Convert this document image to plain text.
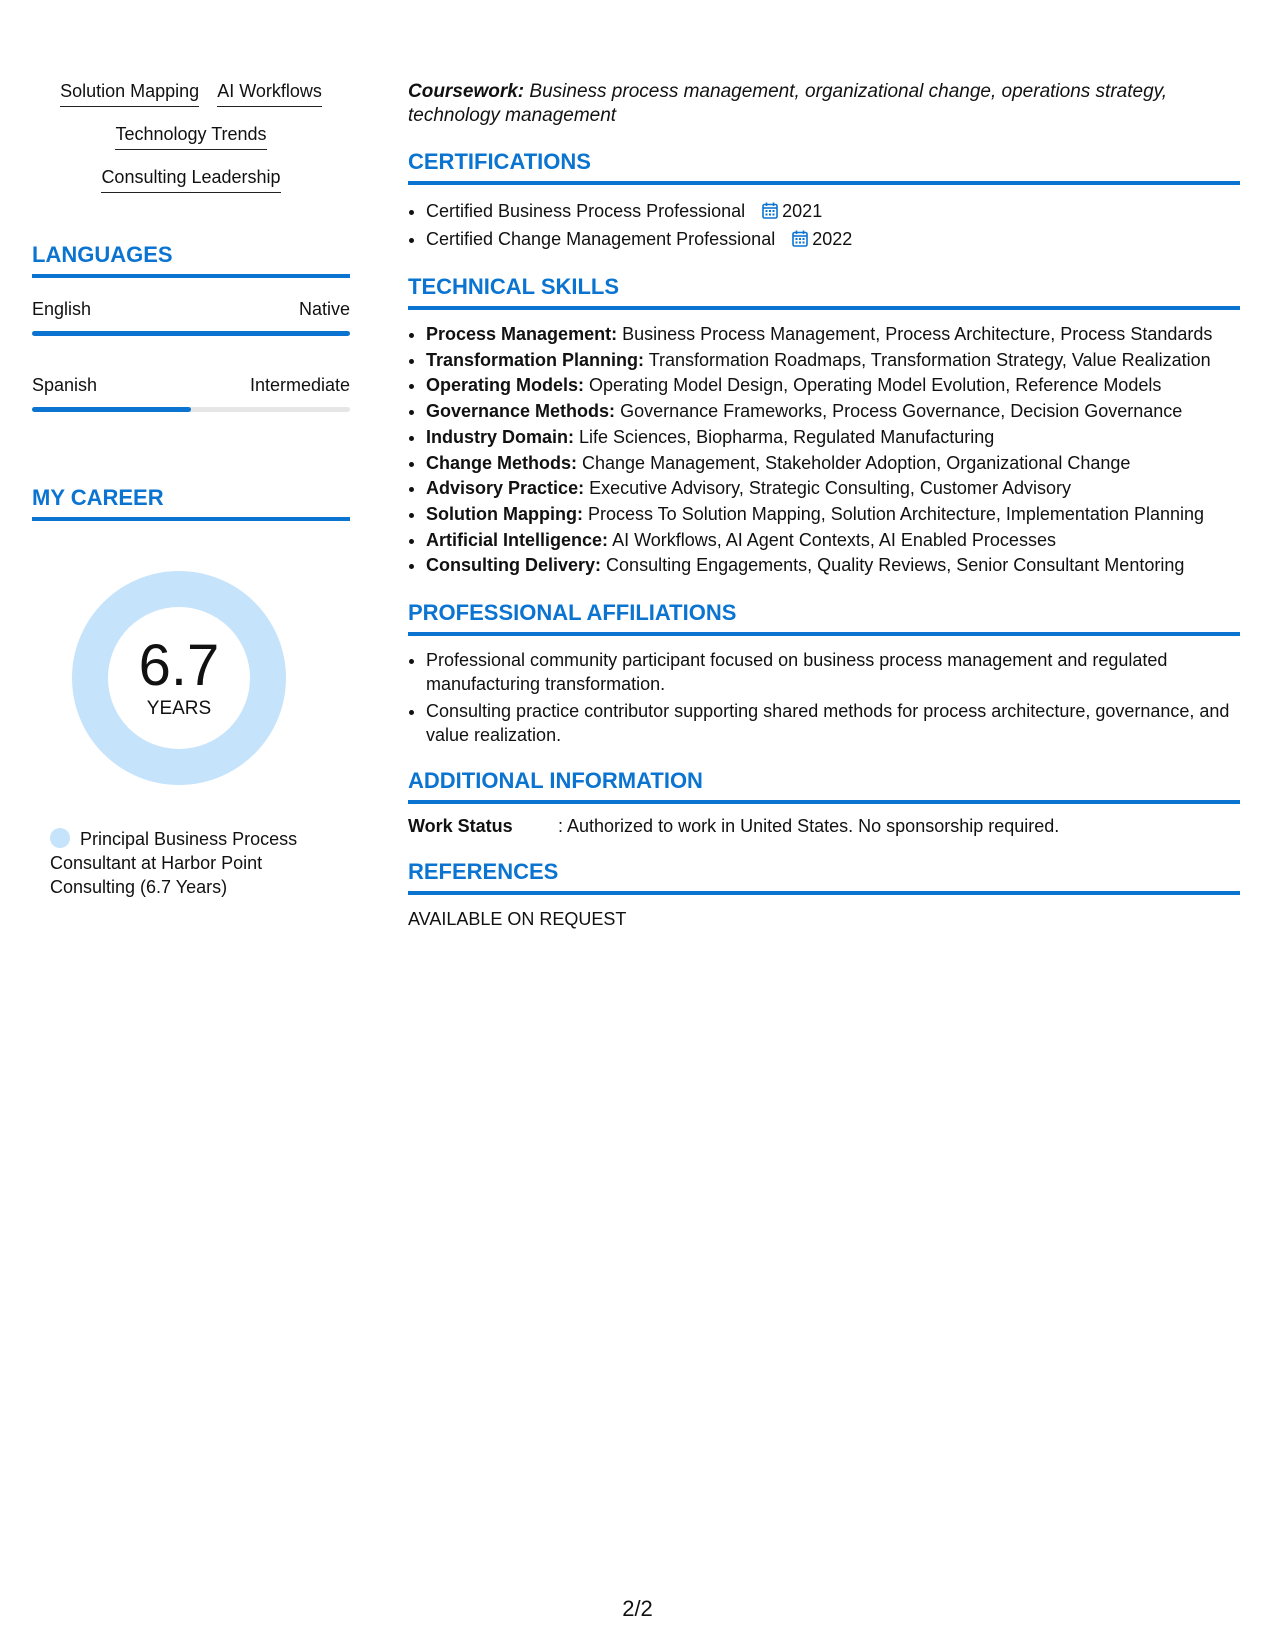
Solution Mapping AI Workflows
Technology Trends
Consulting Leadership
LANGUAGES
English	Native
Spanish	Intermediate
MY CAREER
6.7
YEARS
Principal Business Process Consultant at Harbor Point Consulting (6.7 Years)
Coursework: Business process management, organizational change, operations strategy, technology management
CERTIFICATIONS
• Certified Business Process Professional 2021
• Certified Change Management Professional 2022
TECHNICAL SKILLS
• Process Management: Business Process Management, Process Architecture, Process Standards
• Transformation Planning: Transformation Roadmaps, Transformation Strategy, Value Realization
• Operating Models: Operating Model Design, Operating Model Evolution, Reference Models
• Governance Methods: Governance Frameworks, Process Governance, Decision Governance
• Industry Domain: Life Sciences, Biopharma, Regulated Manufacturing
• Change Methods: Change Management, Stakeholder Adoption, Organizational Change
• Advisory Practice: Executive Advisory, Strategic Consulting, Customer Advisory
• Solution Mapping: Process To Solution Mapping, Solution Architecture, Implementation Planning
• Artificial Intelligence: AI Workflows, AI Agent Contexts, AI Enabled Processes
• Consulting Delivery: Consulting Engagements, Quality Reviews, Senior Consultant Mentoring
PROFESSIONAL AFFILIATIONS
• Professional community participant focused on business process management and regulated manufacturing transformation.
• Consulting practice contributor supporting shared methods for process architecture, governance, and value realization.
ADDITIONAL INFORMATION
Work Status	: Authorized to work in United States. No sponsorship required.
REFERENCES
AVAILABLE ON REQUEST
2/2
